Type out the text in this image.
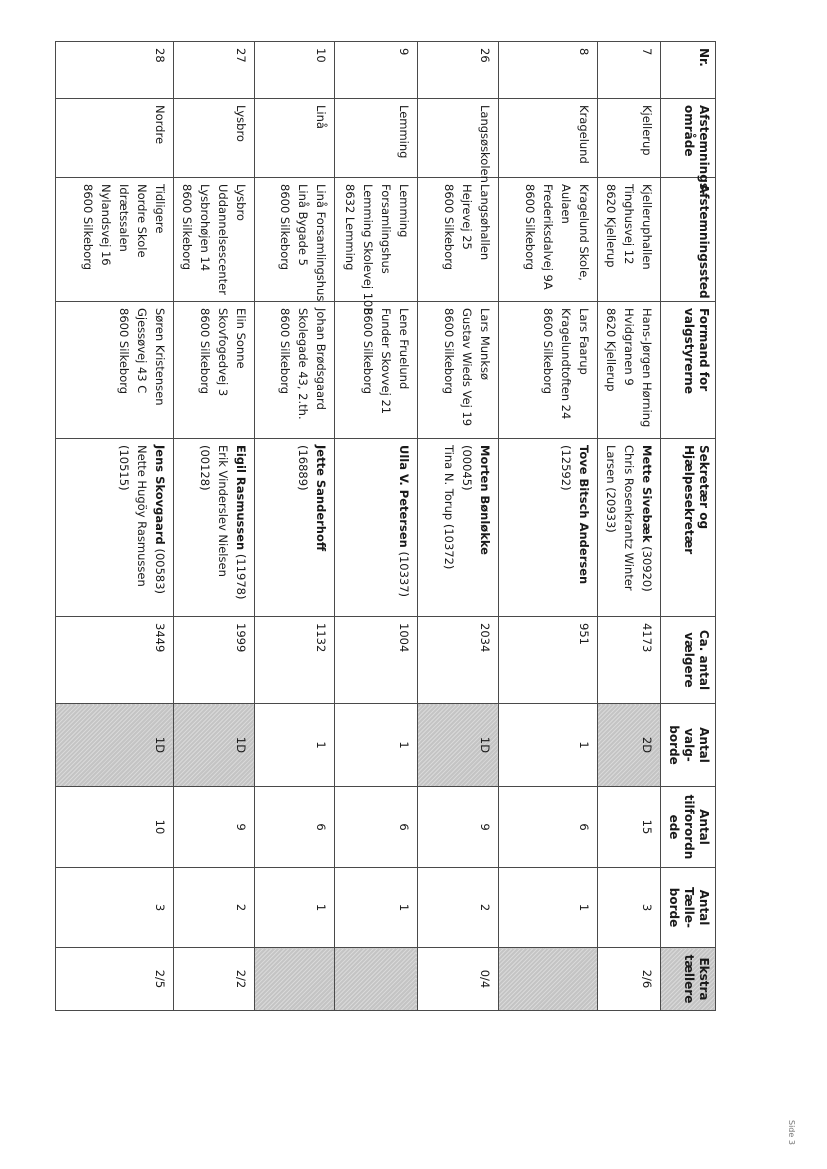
Nr.	Afstemnings-
område	Afstemningssted	Formand for
valgstyrerne	Sekretær og
Hjælpesekretær	Ca. antal
vælgere	Antal
valg-
borde	Antal
tilforordn
ede	Antal
Tælle-
borde	Ekstra
tællere

7	Kjellerup	Kjelleruphallen
Tinghusvej 12
8620 Kjellerup	Hans-Jørgen Hørning
Hvidgranen 9
8620 Kjellerup	Mette Sivebæk (30920)
Chris Rosenkrantz Winter
Larsen (20933)	4173	2D	15	3	2/6

8	Kragelund	Kragelund Skole,
Aulaen
Frederiksdalvej 9A
8600 Silkeborg	Lars Faarup
Kragelundtoften 24
8600 Silkeborg	Tove Bitsch Andersen
(12592)	951	1	6	1	

26	Langsøskolen	Langsøhallen
Hejrevej 25
8600 Silkeborg	Lars Munksø
Gustav Wieds Vej 19
8600 Silkeborg	Morten Bønløkke
(00045)
Tina N. Torup (10372)	2034	1D	9	2	0/4

9	Lemming	Lemming
Forsamlingshus
Lemming Skolevej 10B
8632 Lemming	Lene Fruelund
Funder Skovvej 21
8600 Silkeborg	Ulla V. Petersen (10337)	1004	1	6	1	

10	Linå	Linå Forsamlingshus
Linå Bygade 5
8600 Silkeborg	Johan Brødsgaard
Skolegade 43, 2.th.
8600 Silkeborg	Jette Sanderhoff
(16889)	1132	1	6	1	

27	Lysbro	Lysbro
Uddannelsescenter
Lysbrohøjen 14
8600 Silkeborg	Elin Sonne
Skovfogedvej 3
8600 Silkeborg	Eigil Rasmussen (11978)
Erik Vinderslev Nielsen
(00128)	1999	1D	9	2	2/2

28	Nordre	Tidligere
Nordre Skole
Idrætssalen
Nylandsvej 16
8600 Silkeborg	Søren Kristensen
Gjessøvej 43 C
8600 Silkeborg	Jens Skovgaard (00583)
Nette Hugöy Rasmussen
(10515)	3449	1D	10	3	2/5
Side 3
